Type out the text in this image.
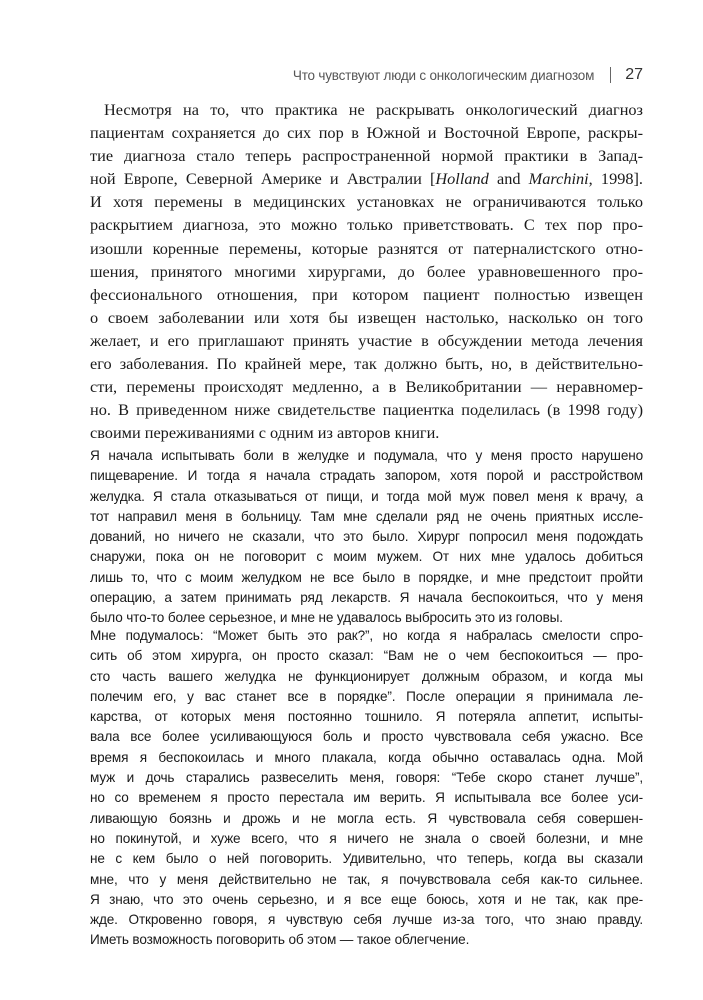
Что чувствуют люди с онкологическим диагнозом 27
Несмотря на то, что практика не раскрывать онкологический диагноз
пациентам сохраняется до сих пор в Южной и Восточной Европе, раскры-
тие диагноза стало теперь распространенной нормой практики в Запад-
ной Европе, Северной Америке и Австралии [Holland and Marchini, 1998].
И хотя перемены в медицинских установках не ограничиваются только
раскрытием диагноза, это можно только приветствовать. С тех пор про-
изошли коренные перемены, которые разнятся от патерналистского отно-
шения, принятого многими хирургами, до более уравновешенного про-
фессионального отношения, при котором пациент полностью извещен
о своем заболевании или хотя бы извещен настолько, насколько он того
желает, и его приглашают принять участие в обсуждении метода лечения
его заболевания. По крайней мере, так должно быть, но, в действительно-
сти, перемены происходят медленно, а в Великобритании — неравномер-
но. В приведенном ниже свидетельстве пациентка поделилась (в 1998 году)
своими переживаниями с одним из авторов книги.
Я начала испытывать боли в желудке и подумала, что у меня просто нарушено
пищеварение. И тогда я начала страдать запором, хотя порой и расстройством
желудка. Я стала отказываться от пищи, и тогда мой муж повел меня к врачу, а
тот направил меня в больницу. Там мне сделали ряд не очень приятных иссле-
дований, но ничего не сказали, что это было. Хирург попросил меня подождать
снаружи, пока он не поговорит с моим мужем. От них мне удалось добиться
лишь то, что с моим желудком не все было в порядке, и мне предстоит пройти
операцию, а затем принимать ряд лекарств. Я начала беспокоиться, что у меня
было что-то более серьезное, и мне не удавалось выбросить это из головы.
Мне подумалось: “Может быть это рак?”, но когда я набралась смелости спро-
сить об этом хирурга, он просто сказал: “Вам не о чем беспокоиться — про-
сто часть вашего желудка не функционирует должным образом, и когда мы
полечим его, у вас станет все в порядке”. После операции я принимала ле-
карства, от которых меня постоянно тошнило. Я потеряла аппетит, испыты-
вала все более усиливающуюся боль и просто чувствовала себя ужасно. Все
время я беспокоилась и много плакала, когда обычно оставалась одна. Мой
муж и дочь старались развеселить меня, говоря: “Тебе скоро станет лучше”,
но со временем я просто перестала им верить. Я испытывала все более уси-
ливающую боязнь и дрожь и не могла есть. Я чувствовала себя совершен-
но покинутой, и хуже всего, что я ничего не знала о своей болезни, и мне
не с кем было о ней поговорить. Удивительно, что теперь, когда вы сказали
мне, что у меня действительно не так, я почувствовала себя как-то сильнее.
Я знаю, что это очень серьезно, и я все еще боюсь, хотя и не так, как пре-
жде. Откровенно говоря, я чувствую себя лучше из-за того, что знаю правду.
Иметь возможность поговорить об этом — такое облегчение.
